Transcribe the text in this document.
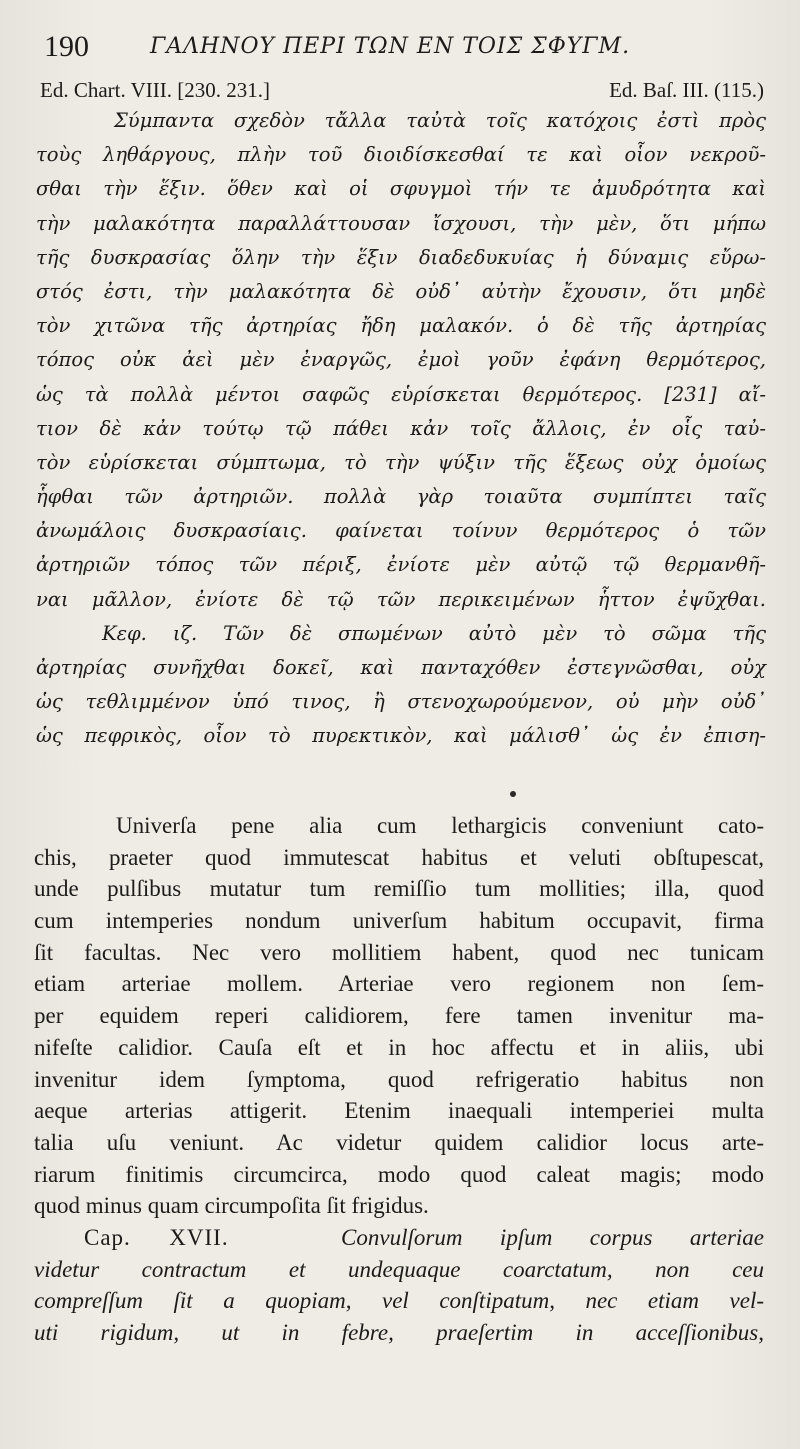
190	ΓΑΛΗΝΟΥ ΠΕΡΙ ΤΩΝ ΕΝ ΤΟΙΣ ΣΦΥΓΜ.
Ed. Chart. VIII. [230. 231.]	Ed. Baſ. III. (115.)
Σύμπαντα σχεδὸν τἄλλα ταὐτὰ τοῖς κατόχοις ἐστὶ πρὸς
τοὺς ληθάργους, πλὴν τοῦ διοιδίσκεσθαί τε καὶ οἷον νεκροῦ-
σθαι τὴν ἕξιν. ὅθεν καὶ οἱ σφυγμοὶ τήν τε ἀμυδρότητα καὶ
τὴν μαλακότητα παραλλάττουσαν ἴσχουσι, τὴν μὲν, ὅτι μήπω
τῆς δυσκρασίας ὅλην τὴν ἕξιν διαδεδυκυίας ἡ δύναμις εὔρω-
στός ἐστι, τὴν μαλακότητα δὲ οὐδ᾽ αὐτὴν ἔχουσιν, ὅτι μηδὲ
τὸν χιτῶνα τῆς ἀρτηρίας ἤδη μαλακόν. ὁ δὲ τῆς ἀρτηρίας
τόπος οὐκ ἀεὶ μὲν ἐναργῶς, ἐμοὶ γοῦν ἐφάνη θερμότερος,
ὡς τὰ πολλὰ μέντοι σαφῶς εὑρίσκεται θερμότερος. [231] αἴ-
τιον δὲ κἀν τούτῳ τῷ πάθει κἀν τοῖς ἄλλοις, ἐν οἷς ταὐ-
τὸν εὑρίσκεται σύμπτωμα, τὸ τὴν ψύξιν τῆς ἕξεως οὐχ ὁμοίως
ἧφθαι τῶν ἀρτηριῶν. πολλὰ γὰρ τοιαῦτα συμπίπτει ταῖς
ἀνωμάλοις δυσκρασίαις. φαίνεται τοίνυν θερμότερος ὁ τῶν
ἀρτηριῶν τόπος τῶν πέριξ, ἐνίοτε μὲν αὐτῷ τῷ θερμανθῆ-
ναι μᾶλλον, ἐνίοτε δὲ τῷ τῶν περικειμένων ἧττον ἐψῦχθαι.
Κεφ. ιζ. Τῶν δὲ σπωμένων αὐτὸ μὲν τὸ σῶμα τῆς
ἀρτηρίας συνῆχθαι δοκεῖ, καὶ πανταχόθεν ἐστεγνῶσθαι, οὐχ
ὡς τεθλιμμένον ὑπό τινος, ἢ στενοχωρούμενον, οὐ μὴν οὐδ᾽
ὡς πεφρικὸς, οἷον τὸ πυρεκτικὸν, καὶ μάλισθ᾽ ὡς ἐν ἐπιση-
Univerſa pene alia cum lethargicis conveniunt cato-
chis, praeter quod immutescat habitus et veluti obſtupescat,
unde pulſibus mutatur tum remiſſio tum mollities; illa, quod
cum intemperies nondum univerſum habitum occupavit, firma
ſit facultas. Nec vero mollitiem habent, quod nec tunicam
etiam arteriae mollem. Arteriae vero regionem non ſem-
per equidem reperi calidiorem, fere tamen invenitur ma-
nifeſte calidior. Cauſa eſt et in hoc affectu et in aliis, ubi
invenitur idem ſymptoma, quod refrigeratio habitus non
aeque arterias attigerit. Etenim inaequali intemperiei multa
talia uſu veniunt. Ac videtur quidem calidior locus arte-
riarum finitimis circumcirca, modo quod caleat magis; modo
quod minus quam circumpoſita ſit frigidus.
Cap. XVII.	Convulſorum ipſum corpus arteriae
videtur contractum et undequaque coarctatum, non ceu
compreſſum ſit a quopiam, vel conſtipatum, nec etiam vel-
uti rigidum, ut in febre, praeſertim in acceſſionibus,
